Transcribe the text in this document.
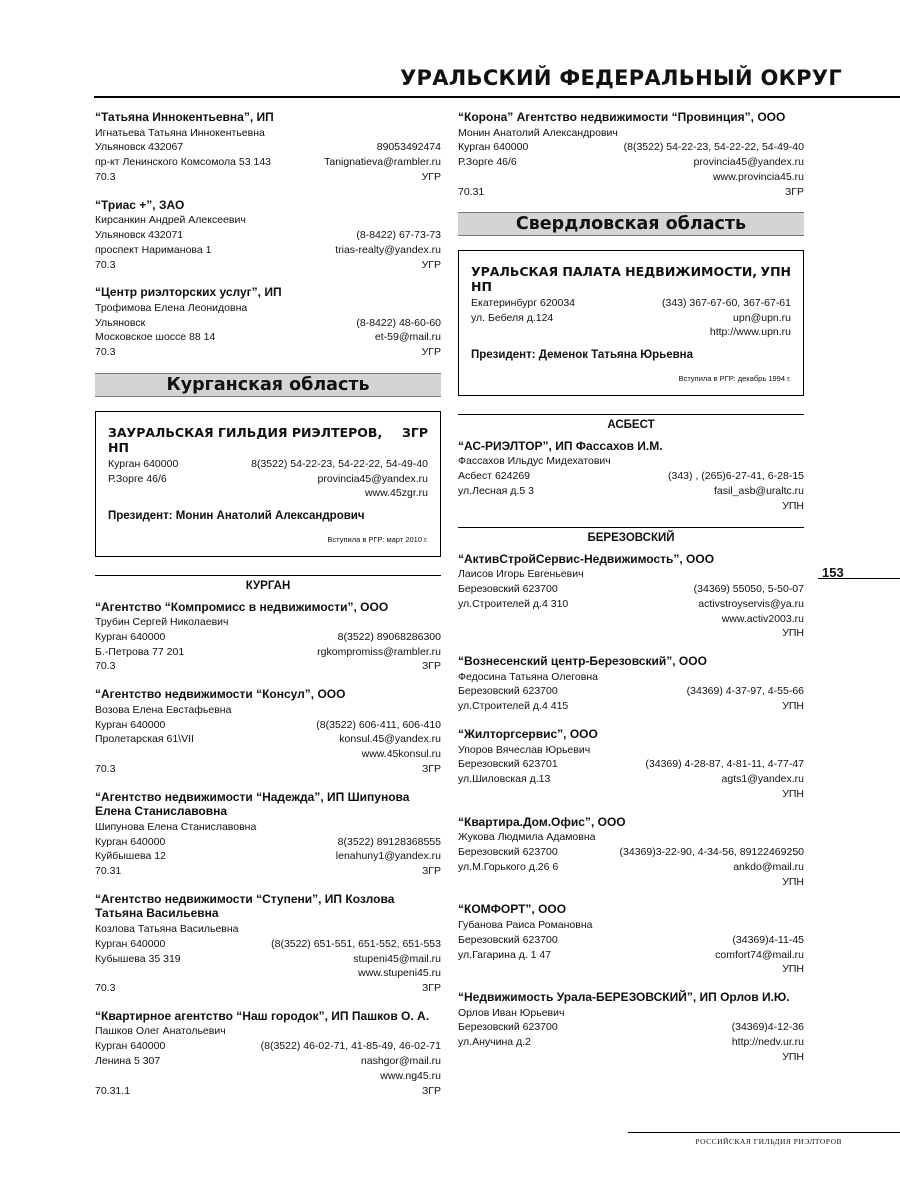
УРАЛЬСКИЙ ФЕДЕРАЛЬНЫЙ ОКРУГ
“Татьяна Иннокентьевна”, ИП
Игнатьева Татьяна Иннокентьевна
Ульяновск 432067	89053492474
пр-кт Ленинского Комсомола 53 143	Tanignatieva@rambler.ru
70.3	УГР
“Триас +”, ЗАО
Кирсанкин Андрей Алексеевич
Ульяновск 432071	(8-8422) 67-73-73
проспект Нариманова 1	trias-realty@yandex.ru
70.3	УГР
“Центр риэлторских услуг”, ИП
Трофимова Елена Леонидовна
Ульяновск	(8-8422) 48-60-60
Московское шоссе 88 14	et-59@mail.ru
70.3	УГР
Курганская область
ЗАУРАЛЬСКАЯ ГИЛЬДИЯ РИЭЛТЕРОВ, НП
ЗГР
Курган 640000	8(3522) 54-22-23, 54-22-22, 54-49-40
Р.Зорге 46/6	provincia45@yandex.ru
www.45zgr.ru
Президент: Монин Анатолий Александрович
Вступила в РГР: март 2010 г.
КУРГАН
“Агентство “Компромисс в недвижимости”, ООО
Трубин Сергей Николаевич
Курган 640000	8(3522) 89068286300
Б.-Петрова 77 201	rgkompromiss@rambler.ru
70.3	ЗГР
“Агентство недвижимости “Консул”, ООО
Возова Елена Евстафьевна
Курган 640000	(8(3522) 606-411, 606-410
Пролетарская 61\VII	konsul.45@yandex.ru
www.45konsul.ru
70.3	ЗГР
“Агентство недвижимости “Надежда”, ИП Шипунова Елена Станиславовна
Шипунова Елена Станиславовна
Курган 640000	8(3522) 89128368555
Куйбышева 12	lenahuny1@yandex.ru
70.31	ЗГР
“Агентство недвижимости “Ступени”, ИП Козлова Татьяна Васильевна
Козлова Татьяна Васильевна
Курган 640000	(8(3522) 651-551, 651-552, 651-553
Кубышева 35 319	stupeni45@mail.ru
www.stupeni45.ru
70.3	ЗГР
“Квартирное агентство “Наш городок”, ИП Пашков О. А.
Пашков Олег Анатольевич
Курган 640000	(8(3522) 46-02-71, 41-85-49, 46-02-71
Ленина 5 307	nashgor@mail.ru
www.ng45.ru
70.31.1	ЗГР
“Корона” Агентство недвижимости “Провинция”, ООО
Монин Анатолий Александрович
Курган 640000	(8(3522) 54-22-23, 54-22-22, 54-49-40
Р.Зорге 46/6	provincia45@yandex.ru
www.provincia45.ru
70.31	ЗГР
Свердловская область
УРАЛЬСКАЯ ПАЛАТА НЕДВИЖИМОСТИ, НП
УПН
Екатеринбург 620034	(343) 367-67-60, 367-67-61
ул. Бебеля д.124	upn@upn.ru
http://www.upn.ru
Президент: Деменок Татьяна Юрьевна
Вступила в РГР: декабрь 1994 г.
АСБЕСТ
“АС-РИЭЛТОР”, ИП Фассахов И.М.
Фассахов Ильдус Мидехатович
Асбест 624269	(343) , (265)6-27-41, 6-28-15
ул.Лесная д.5 3	fasil_asb@uraltc.ru
УПН
БЕРЕЗОВСКИЙ
“АктивСтройСервис-Недвижимость”, ООО
Лаисов Игорь Евгеньевич
Березовский 623700	(34369) 55050, 5-50-07
ул.Строителей д.4 310	activstroyservis@ya.ru
www.activ2003.ru
УПН
“Вознесенский центр-Березовский”, ООО
Федосина Татьяна Олеговна
Березовский 623700	(34369) 4-37-97, 4-55-66
ул.Строителей д.4 415	УПН
“Жилторгсервис”, ООО
Упоров Вячеслав Юрьевич
Березовский 623701	(34369) 4-28-87, 4-81-11, 4-77-47
ул.Шиловская д.13	agts1@yandex.ru
УПН
“Квартира.Дом.Офис”, ООО
Жукова Людмила Адамовна
Березовский 623700	(34369)3-22-90, 4-34-56, 89122469250
ул.М.Горького д.26 6	ankdo@mail.ru
УПН
“КОМФОРТ”, ООО
Губанова Раиса Романовна
Березовский 623700	(34369)4-11-45
ул.Гагарина д. 1 47	comfort74@mail.ru
УПН
“Недвижимость Урала-БЕРЕЗОВСКИЙ”, ИП Орлов И.Ю.
Орлов Иван Юрьевич
Березовский 623700	(34369)4-12-36
ул.Анучина д.2	http://nedv.ur.ru
УПН
153
РОССИЙСКАЯ ГИЛЬДИЯ РИЭЛТОРОВ
